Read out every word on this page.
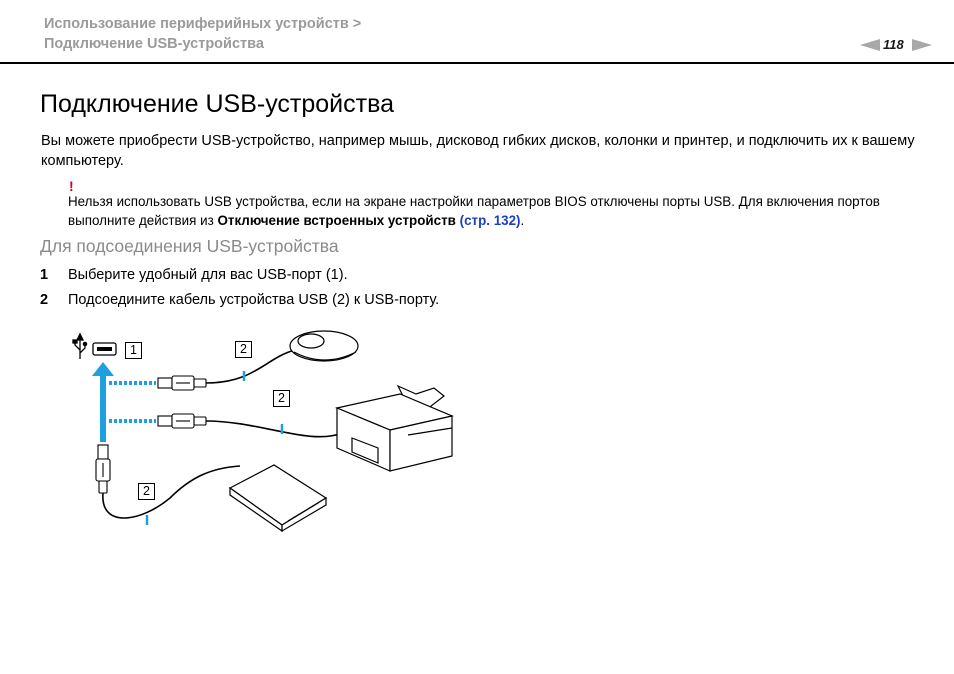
Использование периферийных устройств >
Подключение USB-устройства	118
Подключение USB-устройства
Вы можете приобрести USB-устройство, например мышь, дисковод гибких дисков, колонки и принтер, и подключить их к вашему компьютеру.
!
Нельзя использовать USB устройства, если на экране настройки параметров BIOS отключены порты USB. Для включения портов выполните действия из Отключение встроенных устройств (стр. 132).
Для подсоединения USB-устройства
1 Выберите удобный для вас USB-порт (1).
2 Подсоедините кабель устройства USB (2) к USB-порту.
1	2
2
2
